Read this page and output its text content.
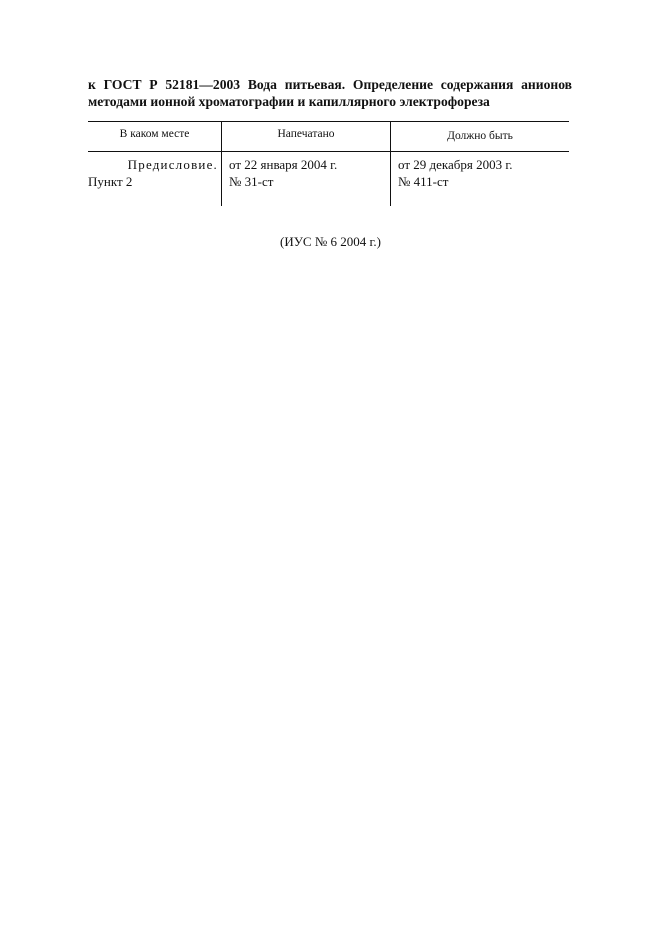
к ГОСТ Р 52181—2003 Вода питьевая. Определение содержания анионов
методами ионной хроматографии и капиллярного электрофореза
В каком месте	Напечатано	Должно быть
Предисловие.
Пункт 2
от 22 января 2004 г.
№ 31-ст
от 29 декабря 2003 г.
№ 411-ст
(ИУС № 6 2004 г.)
